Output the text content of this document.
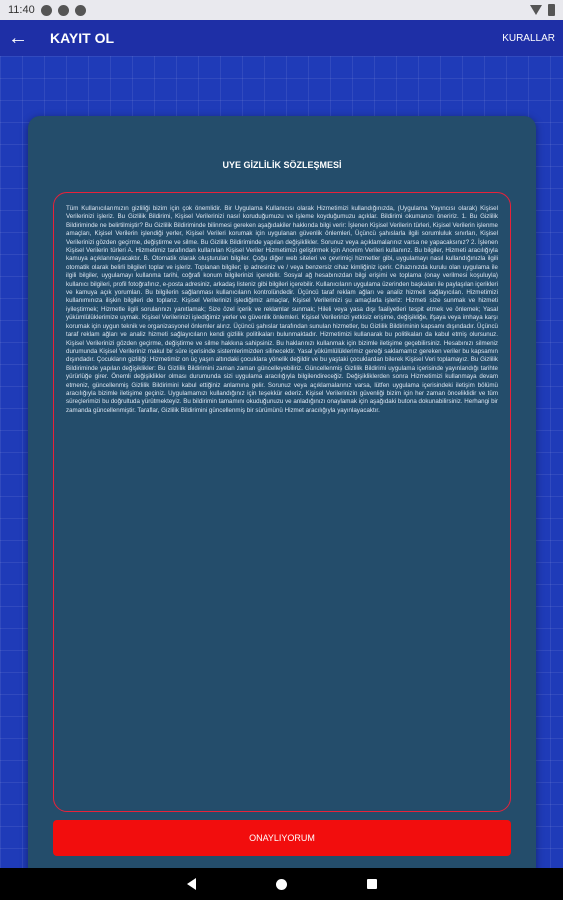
11:40
← KAYIT OL	KURALLAR
UYE GİZLİLİK SÖZLEŞMESİ

Tüm Kullanıcılarımızın gizliliği bizim için çok önemlidir. Bir Uygulama Kullanıcısı olarak Hizmetimizi kullandığınızda, (Uygulama Yayıncısı olarak) Kişisel Verilerinizi işleriz. Bu Gizlilik Bildirimi, Kişisel Verilerinizi nasıl koruduğumuzu ve işleme koyduğumuzu açıklar. Bildirimi okumanızı öneririz. 1. Bu Gizlilik Bildiriminde ne belirtilmiştir? Bu Gizlilik Bildiriminde bilinmesi gereken aşağıdakiler hakkında bilgi verir: İşlenen Kişisel Verilerin türleri, Kişisel Verilerin işlenme amaçları, Kişisel Verilerin işlendiği yerler, Kişisel Verileri korumak için uygulanan güvenlik önlemleri, Üçüncü şahıslarla ilgili sorumluluk sınırları, Kişisel Verilerinizi gözden geçirme, değiştirme ve silme. Bu Gizlilik Bildiriminde yapılan değişiklikler. Sorunuz veya açıklamalarınız varsa ne yapacaksınız? 2. İşlenen Kişisel Verilerin türleri A. Hizmetimiz tarafından kullanılan Kişisel Veriler Hizmetimizi geliştirmek için Anonim Verileri kullanırız. Bu bilgiler, Hizmeti aracılığıyla kamuya açıklanmayacaktır. B. Otomatik olarak oluşturulan bilgiler. Çoğu diğer web siteleri ve çevrimiçi hizmetler gibi, uygulamayı nasıl kullandığınızla ilgili otomatik olarak belirli bilgileri toplar ve işleriz. Toplanan bilgiler; ip adresiniz ve / veya benzersiz cihaz kimliğiniz içerir. Cihazınızda kurulu olan uygulama ile ilgili bilgiler, uygulamayı kullanma tarihi, coğrafi konum bilgilerinizi içerebilir. Sosyal ağ hesabınızdan bilgi erişimi ve toplama (onay verilmesi koşuluyla) kullanıcı bilgileri, profil fotoğrafınız, e-posta adresiniz, arkadaş listeniz gibi bilgileri içerebilir. Kullanıcıların uygulama üzerinden başkaları ile paylaşılan içerikleri ve kamuya açık yorumları. Bu bilgilerin sağlanması kullanıcıların kontrolündedir. Üçüncü taraf reklam ağları ve analiz hizmeti sağlayıcıları. Hizmetimizi kullanımınıza ilişkin bilgileri de toplarız. Kişisel Verilerinizi işlediğimiz amaçlar, Kişisel Verilerinizi şu amaçlarla işleriz: Hizmeti size sunmak ve hizmeti iyileştirmek; Hizmetle ilgili sorularınızı yanıtlamak; Size özel içerik ve reklamlar sunmak; Hileli veya yasa dışı faaliyetleri tespit etmek ve önlemek; Yasal yükümlülüklerimize uymak. Kişisel Verilerinizi işlediğimiz yerler ve güvenlik önlemleri. Kişisel Verilerinizi yetkisiz erişime, değişikliğe, ifşaya veya imhaya karşı korumak için uygun teknik ve organizasyonel önlemler alırız. Üçüncü şahıslar tarafından sunulan hizmetler, bu Gizlilik Bildiriminin kapsamı dışındadır. Üçüncü taraf reklam ağları ve analiz hizmeti sağlayıcıların kendi gizlilik politikaları bulunmaktadır. Hizmetimizi kullanarak bu politikaları da kabul etmiş olursunuz. Kişisel Verilerinizi gözden geçirme, değiştirme ve silme hakkına sahipsiniz. Bu haklarınızı kullanmak için bizimle iletişime geçebilirsiniz. Hesabınızı silmeniz durumunda Kişisel Verileriniz makul bir süre içerisinde sistemlerimizden silinecektir. Yasal yükümlülüklerimiz gereği saklamamız gereken veriler bu kapsamın dışındadır. Çocukların gizliliği: Hizmetimiz on üç yaşın altındaki çocuklara yönelik değildir ve bu yaştaki çocuklardan bilerek Kişisel Veri toplamayız. Bu Gizlilik Bildiriminde yapılan değişiklikler: Bu Gizlilik Bildirimini zaman zaman güncelleyebiliriz. Güncellenmiş Gizlilik Bildirimi uygulama içerisinde yayınlandığı tarihte yürürlüğe girer. Önemli değişiklikler olması durumunda sizi uygulama aracılığıyla bilgilendireceğiz. Değişikliklerden sonra Hizmetimizi kullanmaya devam etmeniz, güncellenmiş Gizlilik Bildirimini kabul ettiğiniz anlamına gelir. Sorunuz veya açıklamalarınız varsa, lütfen uygulama içerisindeki iletişim bölümü aracılığıyla bizimle iletişime geçiniz. Uygulamamızı kullandığınız için teşekkür ederiz. Kişisel Verilerinizin güvenliği bizim için her zaman önceliklidir ve tüm süreçlerimizi bu doğrultuda yürütmekteyiz. Bu bildirimin tamamını okuduğunuzu ve anladığınızı onaylamak için aşağıdaki butona dokunabilirsiniz. Herhangi bir zamanda güncellenmiştir. Taraflar, Gizlilik Bildirimini güncellenmiş bir sürümünü Hizmet aracılığıyla yayınlayacaktır.

ONAYLIYORUM
